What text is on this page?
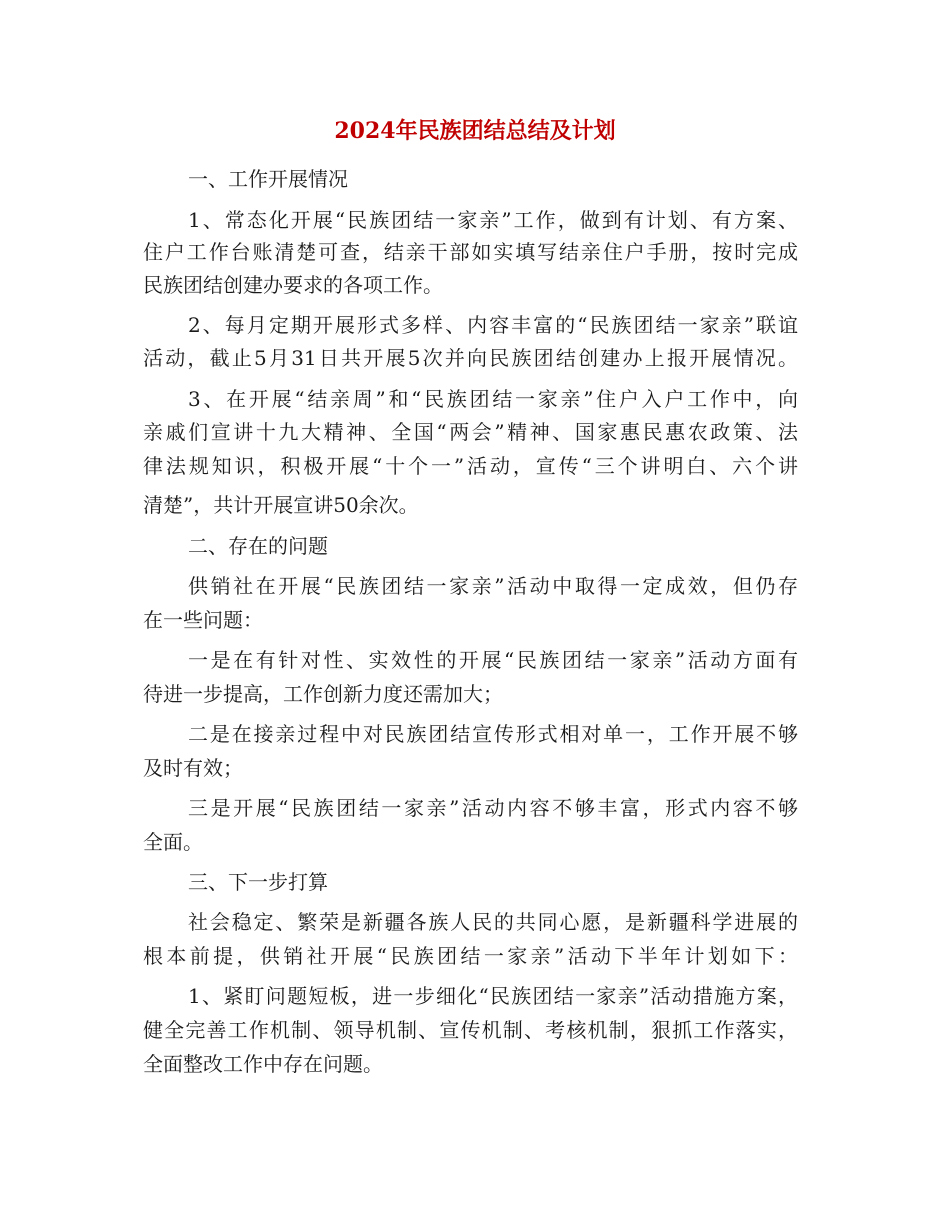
2024年民族团结总结及计划
一、工作开展情况
1、常态化开展“民族团结一家亲”工作，做到有计划、有方案、
住户工作台账清楚可查，结亲干部如实填写结亲住户手册，按时完成
民族团结创建办要求的各项工作。
2、每月定期开展形式多样、内容丰富的“民族团结一家亲”联谊
活动，截止5月31日共开展5次并向民族团结创建办上报开展情况。
3、在开展“结亲周”和“民族团结一家亲”住户入户工作中，向
亲戚们宣讲十九大精神、全国“两会”精神、国家惠民惠农政策、法
律法规知识，积极开展“十个一”活动，宣传“三个讲明白、六个讲
清楚”，共计开展宣讲50余次。
二、存在的问题
供销社在开展“民族团结一家亲”活动中取得一定成效，但仍存
在一些问题：
一是在有针对性、实效性的开展“民族团结一家亲”活动方面有
待进一步提高，工作创新力度还需加大；
二是在接亲过程中对民族团结宣传形式相对单一，工作开展不够
及时有效；
三是开展“民族团结一家亲”活动内容不够丰富，形式内容不够
全面。
三、下一步打算
社会稳定、繁荣是新疆各族人民的共同心愿，是新疆科学进展的
根本前提，供销社开展“民族团结一家亲”活动下半年计划如下：
1、紧盯问题短板，进一步细化“民族团结一家亲”活动措施方案，
健全完善工作机制、领导机制、宣传机制、考核机制，狠抓工作落实，
全面整改工作中存在问题。
